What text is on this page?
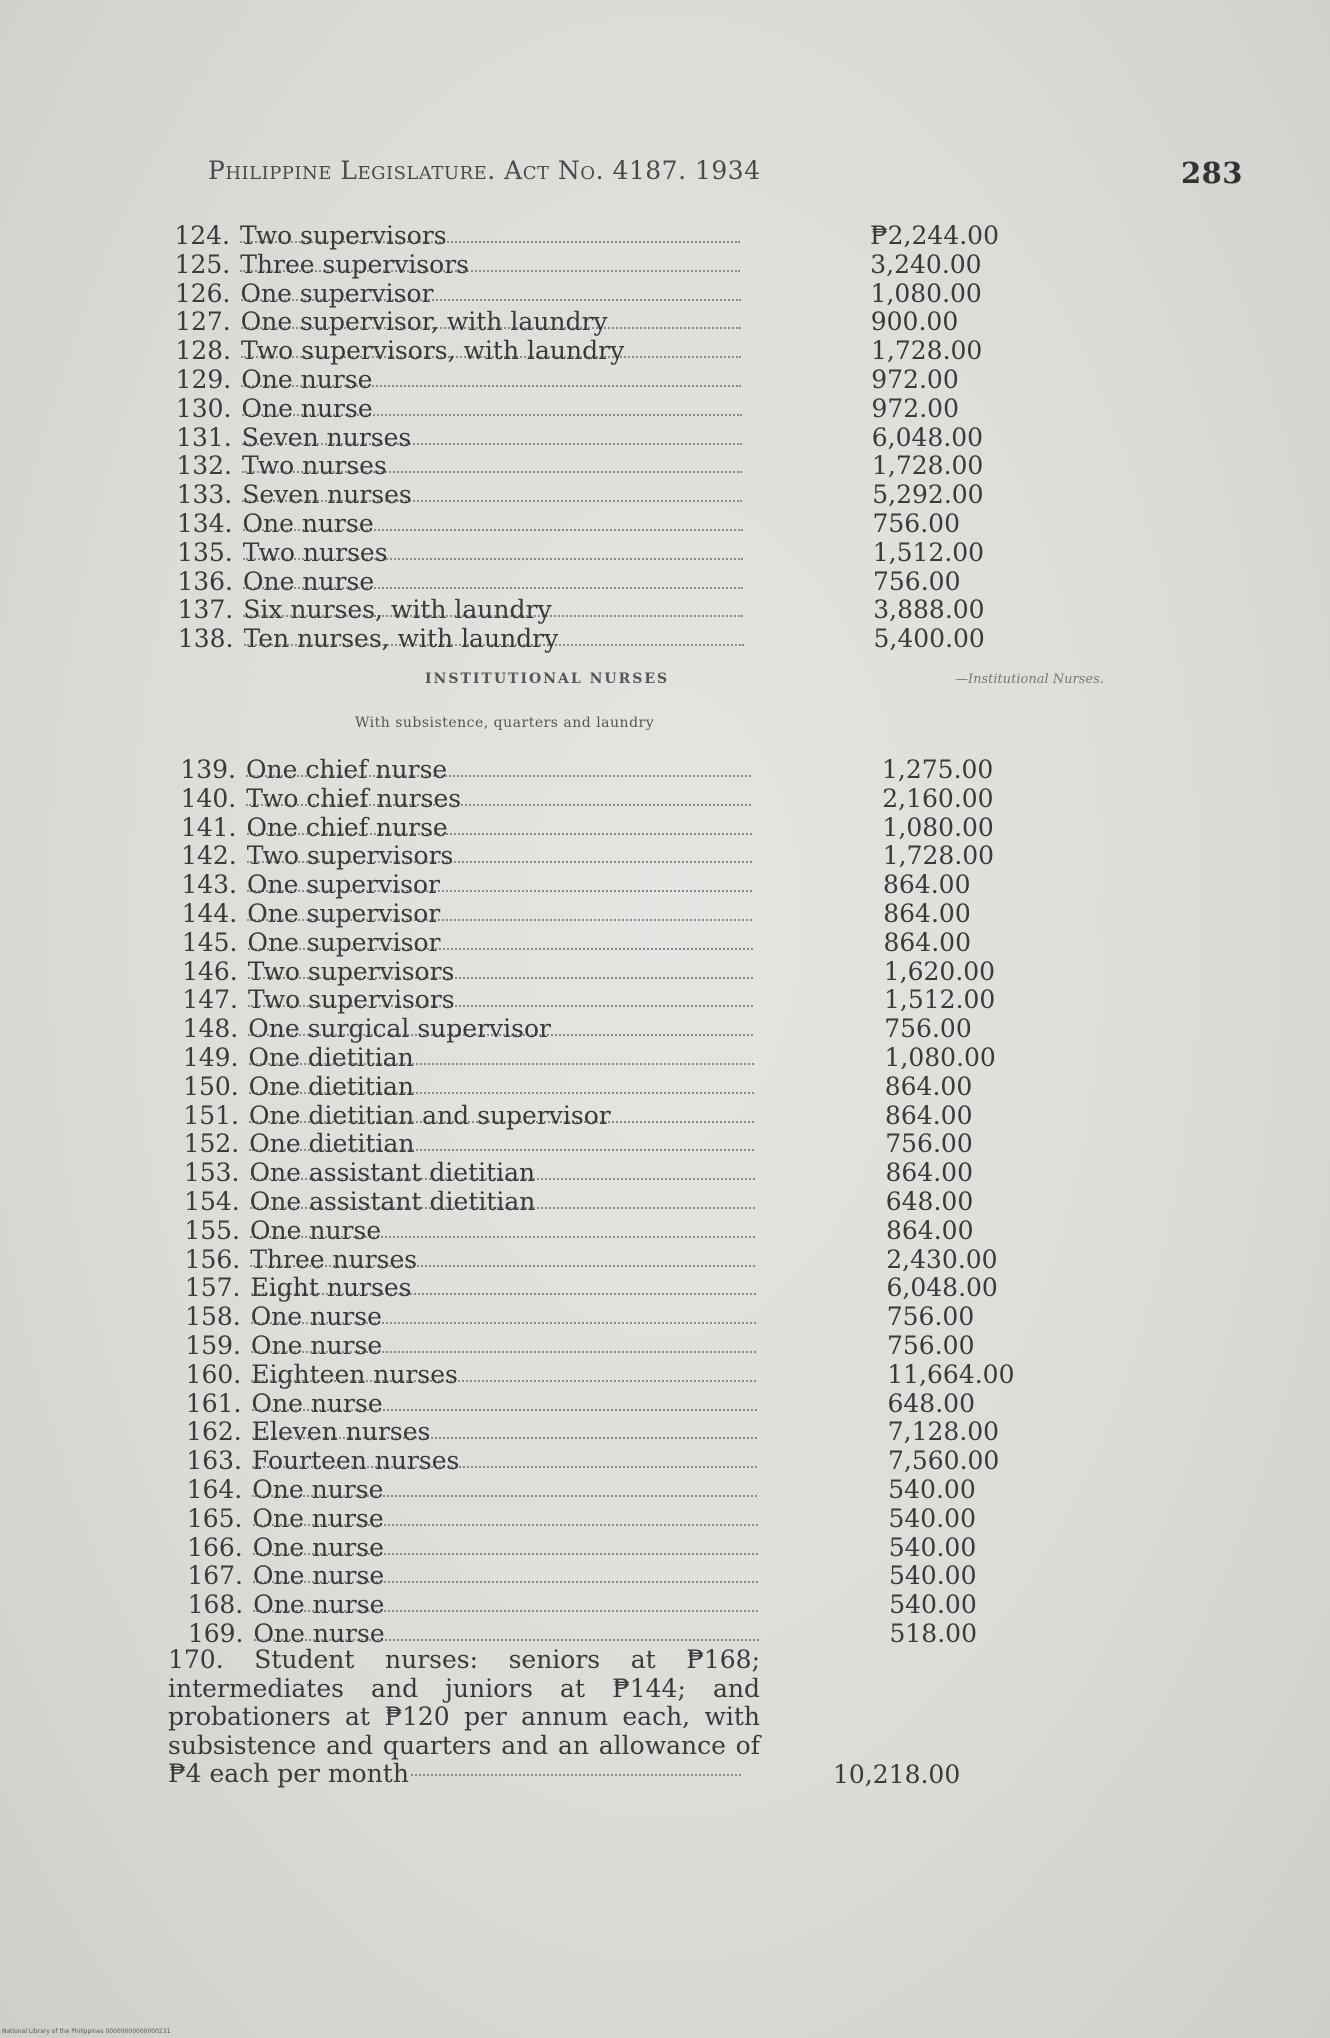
Philippine Legislature. Act No. 4187. 1934	283
124. Two supervisors	₱2,244.00
125. Three supervisors	3,240.00
126. One supervisor	1,080.00
127. One supervisor, with laundry	900.00
128. Two supervisors, with laundry	1,728.00
129. One nurse	972.00
130. One nurse	972.00
131. Seven nurses	6,048.00
132. Two nurses	1,728.00
133. Seven nurses	5,292.00
134. One nurse	756.00
135. Two nurses	1,512.00
136. One nurse	756.00
137. Six nurses, with laundry	3,888.00
138. Ten nurses, with laundry	5,400.00
INSTITUTIONAL NURSES
With subsistence, quarters and laundry
—Institutional Nurses.
139. One chief nurse	1,275.00
140. Two chief nurses	2,160.00
141. One chief nurse	1,080.00
142. Two supervisors	1,728.00
143. One supervisor	864.00
144. One supervisor	864.00
145. One supervisor	864.00
146. Two supervisors	1,620.00
147. Two supervisors	1,512.00
148. One surgical supervisor	756.00
149. One dietitian	1,080.00
150. One dietitian	864.00
151. One dietitian and supervisor	864.00
152. One dietitian	756.00
153. One assistant dietitian	864.00
154. One assistant dietitian	648.00
155. One nurse	864.00
156. Three nurses	2,430.00
157. Eight nurses	6,048.00
158. One nurse	756.00
159. One nurse	756.00
160. Eighteen nurses	11,664.00
161. One nurse	648.00
162. Eleven nurses	7,128.00
163. Fourteen nurses	7,560.00
164. One nurse	540.00
165. One nurse	540.00
166. One nurse	540.00
167. One nurse	540.00
168. One nurse	540.00
169. One nurse	518.00
170. Student nurses: seniors at ₱168; intermediates and juniors at ₱144; and probationers at ₱120 per annum each, with subsistence and quarters and an allowance of ₱4 each per month	10,218.00
National Library of the Philippines 00000000000000231
